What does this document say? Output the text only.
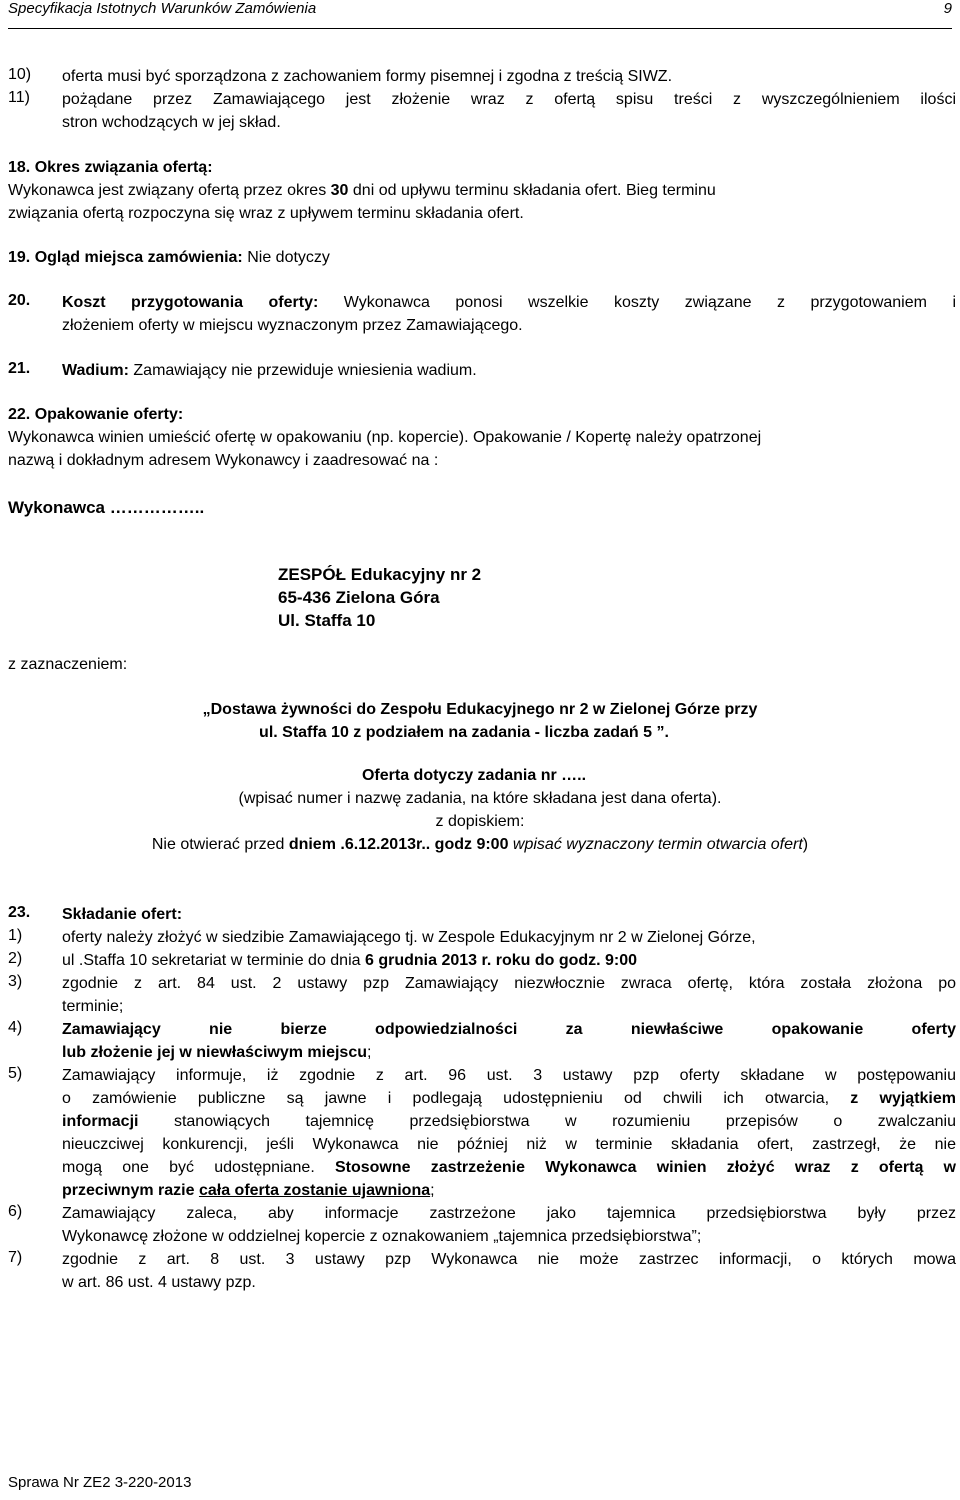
Specyfikacja Istotnych Warunków Zamówienia	9
10)	oferta musi być sporządzona z zachowaniem formy pisemnej i zgodna z treścią SIWZ.
11)	pożądane przez Zamawiającego jest złożenie wraz z ofertą spisu treści z wyszczególnieniem ilości
stron wchodzących w jej skład.
18. Okres związania ofertą:
Wykonawca jest związany ofertą przez okres 30 dni od upływu terminu składania ofert. Bieg terminu
związania ofertą rozpoczyna się wraz z upływem terminu składania ofert.
19. Ogląd miejsca zamówienia: Nie dotyczy
20.	Koszt przygotowania oferty: Wykonawca ponosi wszelkie koszty związane z przygotowaniem i
złożeniem oferty w miejscu wyznaczonym przez Zamawiającego.
21.	Wadium: Zamawiający nie przewiduje wniesienia wadium.
22. Opakowanie oferty:
Wykonawca winien umieścić ofertę w opakowaniu (np. kopercie). Opakowanie / Kopertę należy opatrzonej
nazwą i dokładnym adresem Wykonawcy i zaadresować na :
Wykonawca ……………..
ZESPÓŁ Edukacyjny nr 2
65-436 Zielona Góra
Ul. Staffa 10
z zaznaczeniem:
„Dostawa żywności do Zespołu Edukacyjnego nr 2 w Zielonej Górze przy
ul. Staffa 10 z podziałem na zadania - liczba zadań 5 ”.
Oferta dotyczy zadania nr …..
(wpisać numer i nazwę zadania, na które składana jest dana oferta).
z dopiskiem:
Nie otwierać przed dniem .6.12.2013r.. godz 9:00 wpisać wyznaczony termin otwarcia ofert)
23.	Składanie ofert:
1)	oferty należy złożyć w siedzibie Zamawiającego tj. w Zespole Edukacyjnym nr 2 w Zielonej Górze,
2)	ul .Staffa 10 sekretariat w terminie do dnia 6 grudnia 2013 r. roku do godz. 9:00
3)	zgodnie z art. 84 ust. 2 ustawy pzp Zamawiający niezwłocznie zwraca ofertę, która została złożona po
terminie;
4)	Zamawiający nie bierze odpowiedzialności za niewłaściwe opakowanie oferty
lub złożenie jej w niewłaściwym miejscu;
5)	Zamawiający informuje, iż zgodnie z art. 96 ust. 3 ustawy pzp oferty składane w postępowaniu
o zamówienie publiczne są jawne i podlegają udostępnieniu od chwili ich otwarcia, z wyjątkiem
informacji stanowiących tajemnicę przedsiębiorstwa w rozumieniu przepisów o zwalczaniu
nieuczciwej konkurencji, jeśli Wykonawca nie później niż w terminie składania ofert, zastrzegł, że nie
mogą one być udostępniane. Stosowne zastrzeżenie Wykonawca winien złożyć wraz z ofertą w
przeciwnym razie cała oferta zostanie ujawniona;
6)	Zamawiający zaleca, aby informacje zastrzeżone jako tajemnica przedsiębiorstwa były przez
Wykonawcę złożone w oddzielnej kopercie z oznakowaniem „tajemnica przedsiębiorstwa”;
7)	zgodnie z art. 8 ust. 3 ustawy pzp Wykonawca nie może zastrzec informacji, o których mowa
w art. 86 ust. 4 ustawy pzp.
Sprawa Nr ZE2 3-220-2013
